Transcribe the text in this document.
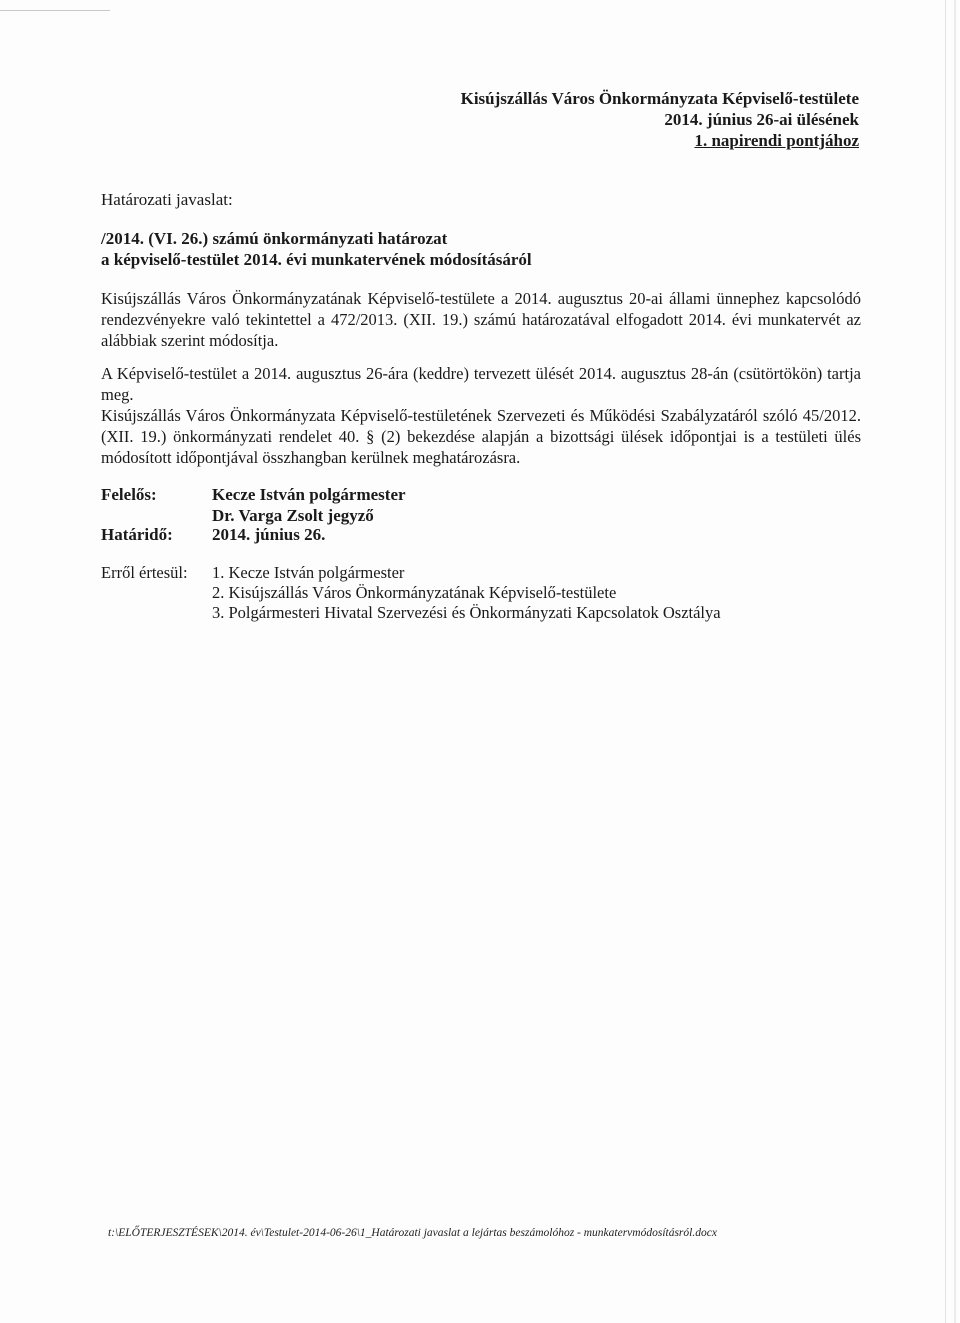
Kisújszállás Város Önkormányzata Képviselő-testülete
2014. június 26-ai ülésének
1. napirendi pontjához
Határozati javaslat:
/2014. (VI. 26.) számú önkormányzati határozat
a képviselő-testület 2014. évi munkatervének módosításáról
Kisújszállás Város Önkormányzatának Képviselő-testülete a 2014. augusztus 20-ai állami ünnephez kapcsolódó rendezvényekre való tekintettel a 472/2013. (XII. 19.) számú határozatával elfogadott 2014. évi munkatervét az alábbiak szerint módosítja.
A Képviselő-testület a 2014. augusztus 26-ára (keddre) tervezett ülését 2014. augusztus 28-án (csütörtökön) tartja meg.
Kisújszállás Város Önkormányzata Képviselő-testületének Szervezeti és Működési Szabályzatáról szóló 45/2012. (XII. 19.) önkormányzati rendelet 40. § (2) bekezdése alapján a bizottsági ülések időpontjai is a testületi ülés módosított időpontjával összhangban kerülnek meghatározásra.
Felelős:	Kecze István polgármester
Dr. Varga Zsolt jegyző
Határidő: 2014. június 26.
Erről értesül: 1. Kecze István polgármester
2. Kisújszállás Város Önkormányzatának Képviselő-testülete
3. Polgármesteri Hivatal Szervezési és Önkormányzati Kapcsolatok Osztálya
t:\ELŐTERJESZTÉSEK\2014. év\Testulet-2014-06-26\1_Határozati javaslat a lejártas beszámolóhoz - munkatervmódosításról.docx
